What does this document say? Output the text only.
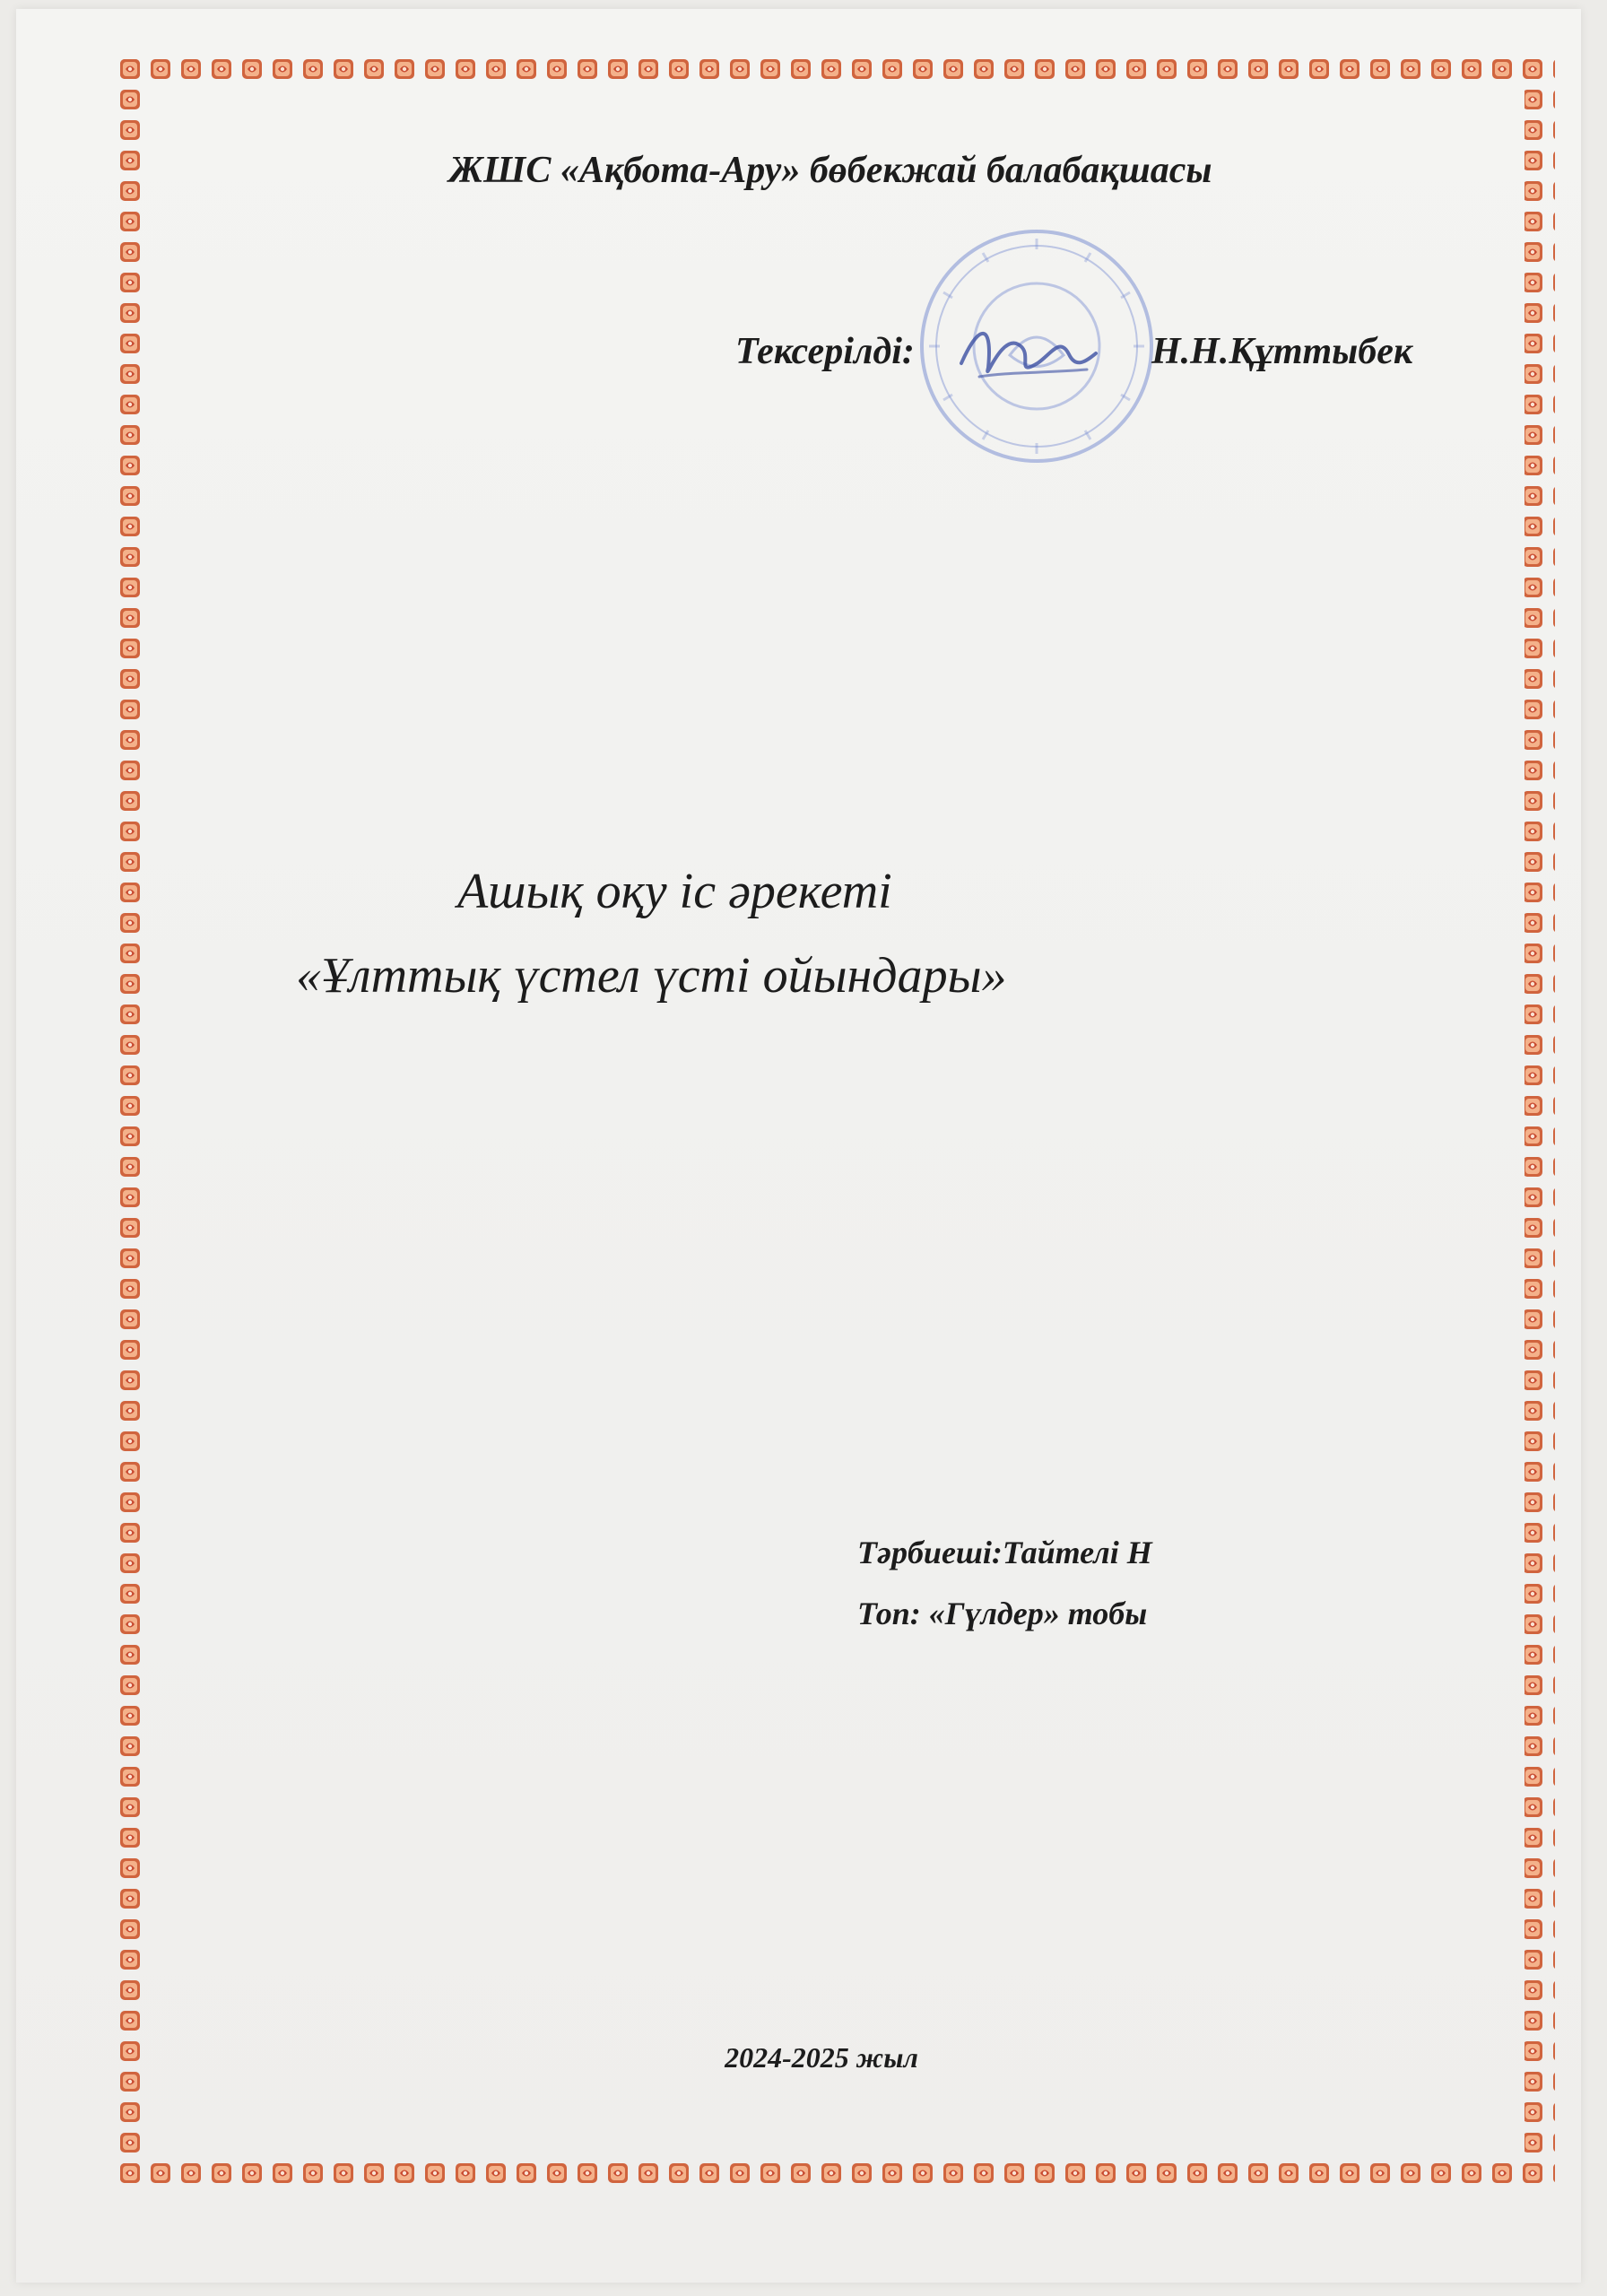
ЖШС «Ақбота-Ару» бөбекжай балабақшасы
Тексерілді:	Н.Н.Құттыбек
Ашық оқу іс әрекеті
«Ұлттық үстел үсті ойындары»
Тәрбиеші:Тайтелі Н
Топ: «Гүлдер» тобы
2024-2025 жыл
